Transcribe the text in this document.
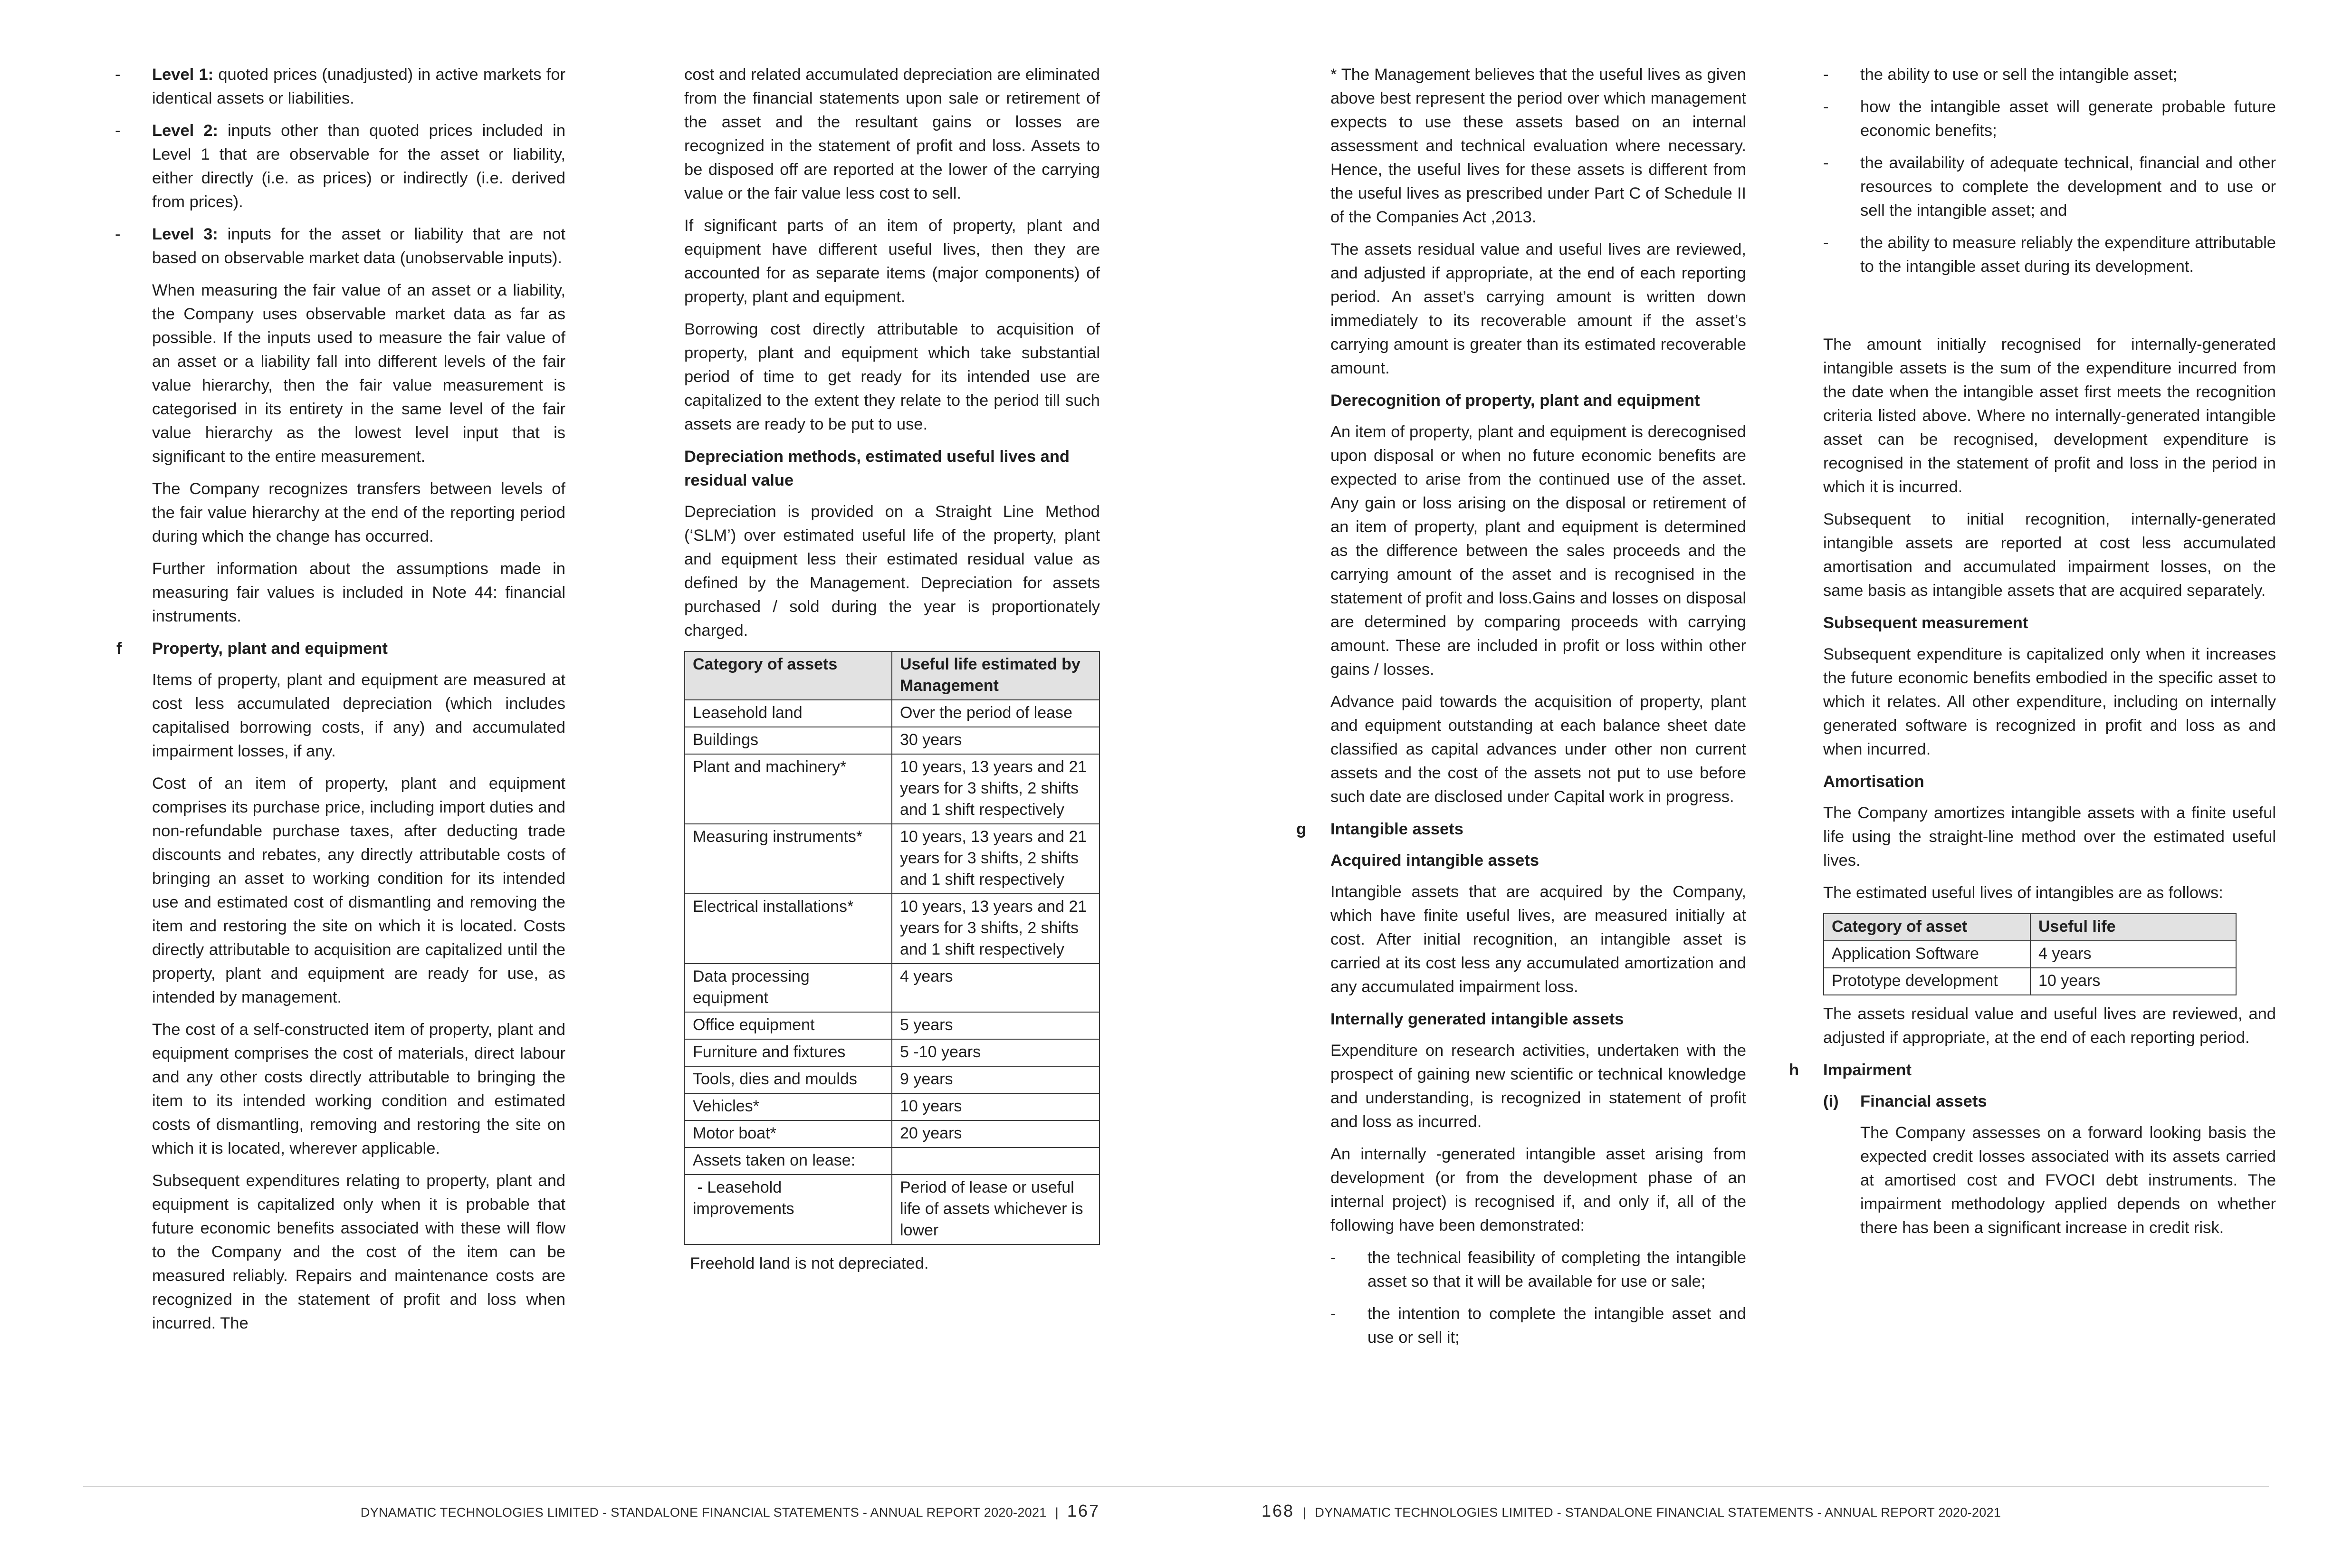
-	Level 1: quoted prices (unadjusted) in active markets for identical assets or liabilities.
-	Level 2: inputs other than quoted prices included in Level 1 that are observable for the asset or liability, either directly (i.e. as prices) or indirectly (i.e. derived from prices).
-	Level 3: inputs for the asset or liability that are not based on observable market data (unobservable inputs).

When measuring the fair value of an asset or a liability, the Company uses observable market data as far as possible. If the inputs used to measure the fair value of an asset or a liability fall into different levels of the fair value hierarchy, then the fair value measurement is categorised in its entirety in the same level of the fair value hierarchy as the lowest level input that is significant to the entire measurement.

The Company recognizes transfers between levels of the fair value hierarchy at the end of the reporting period during which the change has occurred.

Further information about the assumptions made in measuring fair values is included in Note 44: financial instruments.

f Property, plant and equipment

Items of property, plant and equipment are measured at cost less accumulated depreciation (which includes capitalised borrowing costs, if any) and accumulated impairment losses, if any.

Cost of an item of property, plant and equipment comprises its purchase price, including import duties and non-refundable purchase taxes, after deducting trade discounts and rebates, any directly attributable costs of bringing an asset to working condition for its intended use and estimated cost of dismantling and removing the item and restoring the site on which it is located. Costs directly attributable to acquisition are capitalized until the property, plant and equipment are ready for use, as intended by management.

The cost of a self-constructed item of property, plant and equipment comprises the cost of materials, direct labour and any other costs directly attributable to bringing the item to its intended working condition and estimated costs of dismantling, removing and restoring the site on which it is located, wherever applicable.

Subsequent expenditures relating to property, plant and equipment is capitalized only when it is probable that future economic benefits associated with these will flow to the Company and the cost of the item can be measured reliably. Repairs and maintenance costs are recognized in the statement of profit and loss when incurred. The

cost and related accumulated depreciation are eliminated from the financial statements upon sale or retirement of the asset and the resultant gains or losses are recognized in the statement of profit and loss. Assets to be disposed off are reported at the lower of the carrying value or the fair value less cost to sell.

If significant parts of an item of property, plant and equipment have different useful lives, then they are accounted for as separate items (major components) of property, plant and equipment.

Borrowing cost directly attributable to acquisition of property, plant and equipment which take substantial period of time to get ready for its intended use are capitalized to the extent they relate to the period till such assets are ready to be put to use.

Depreciation methods, estimated useful lives and residual value

Depreciation is provided on a Straight Line Method (‘SLM’) over estimated useful life of the property, plant and equipment less their estimated residual value as defined by the Management. Depreciation for assets purchased / sold during the year is proportionately charged.

Category of assets	Useful life estimated by Management
Leasehold land	Over the period of lease
Buildings	30 years
Plant and machinery*	10 years, 13 years and 21 years for 3 shifts, 2 shifts and 1 shift respectively
Measuring instruments*	10 years, 13 years and 21 years for 3 shifts, 2 shifts and 1 shift respectively
Electrical installations*	10 years, 13 years and 21 years for 3 shifts, 2 shifts and 1 shift respectively
Data processing equipment	4 years
Office equipment	5 years
Furniture and fixtures	5 -10 years
Tools, dies and moulds	9 years
Vehicles*	10 years
Motor boat*	20 years
Assets taken on lease:	
- Leasehold improvements	Period of lease or useful life of assets whichever is lower

Freehold land is not depreciated.

* The Management believes that the useful lives as given above best represent the period over which management expects to use these assets based on an internal assessment and technical evaluation where necessary. Hence, the useful lives for these assets is different from the useful lives as prescribed under Part C of Schedule II of the Companies Act ,2013.

The assets residual value and useful lives are reviewed, and adjusted if appropriate, at the end of each reporting period. An asset’s carrying amount is written down immediately to its recoverable amount if the asset’s carrying amount is greater than its estimated recoverable amount.

Derecognition of property, plant and equipment

An item of property, plant and equipment is derecognised upon disposal or when no future economic benefits are expected to arise from the continued use of the asset. Any gain or loss arising on the disposal or retirement of an item of property, plant and equipment is determined as the difference between the sales proceeds and the carrying amount of the asset and is recognised in the statement of profit and loss.Gains and losses on disposal are determined by comparing proceeds with carrying amount. These are included in profit or loss within other gains / losses.

Advance paid towards the acquisition of property, plant and equipment outstanding at each balance sheet date classified as capital advances under other non current assets and the cost of the assets not put to use before such date are disclosed under Capital work in progress.

g Intangible assets
Acquired intangible assets

Intangible assets that are acquired by the Company, which have finite useful lives, are measured initially at cost. After initial recognition, an intangible asset is carried at its cost less any accumulated amortization and any accumulated impairment loss.

Internally generated intangible assets

Expenditure on research activities, undertaken with the prospect of gaining new scientific or technical knowledge and understanding, is recognized in statement of profit and loss as incurred.

An internally -generated intangible asset arising from development (or from the development phase of an internal project) is recognised if, and only if, all of the following have been demonstrated:

-	the technical feasibility of completing the intangible asset so that it will be available for use or sale;
-	the intention to complete the intangible asset and use or sell it;
-	the ability to use or sell the intangible asset;
-	how the intangible asset will generate probable future economic benefits;
-	the availability of adequate technical, financial and other resources to complete the development and to use or sell the intangible asset; and
-	the ability to measure reliably the expenditure attributable to the intangible asset during its development.

The amount initially recognised for internally-generated intangible assets is the sum of the expenditure incurred from the date when the intangible asset first meets the recognition criteria listed above. Where no internally-generated intangible asset can be recognised, development expenditure is recognised in the statement of profit and loss in the period in which it is incurred.

Subsequent to initial recognition, internally-generated intangible assets are reported at cost less accumulated amortisation and accumulated impairment losses, on the same basis as intangible assets that are acquired separately.

Subsequent measurement

Subsequent expenditure is capitalized only when it increases the future economic benefits embodied in the specific asset to which it relates. All other expenditure, including on internally generated software is recognized in profit and loss as and when incurred.

Amortisation

The Company amortizes intangible assets with a finite useful life using the straight-line method over the estimated useful lives.

The estimated useful lives of intangibles are as follows:

Category of asset	Useful life
Application Software	4 years
Prototype development	10 years

The assets residual value and useful lives are reviewed, and adjusted if appropriate, at the end of each reporting period.

h Impairment
(i) Financial assets

The Company assesses on a forward looking basis the expected credit losses associated with its assets carried at amortised cost and FVOCI debt instruments. The impairment methodology applied depends on whether there has been a significant increase in credit risk.

DYNAMATIC TECHNOLOGIES LIMITED - STANDALONE FINANCIAL STATEMENTS - ANNUAL REPORT 2020-2021 | 167	168 | DYNAMATIC TECHNOLOGIES LIMITED - STANDALONE FINANCIAL STATEMENTS - ANNUAL REPORT 2020-2021
